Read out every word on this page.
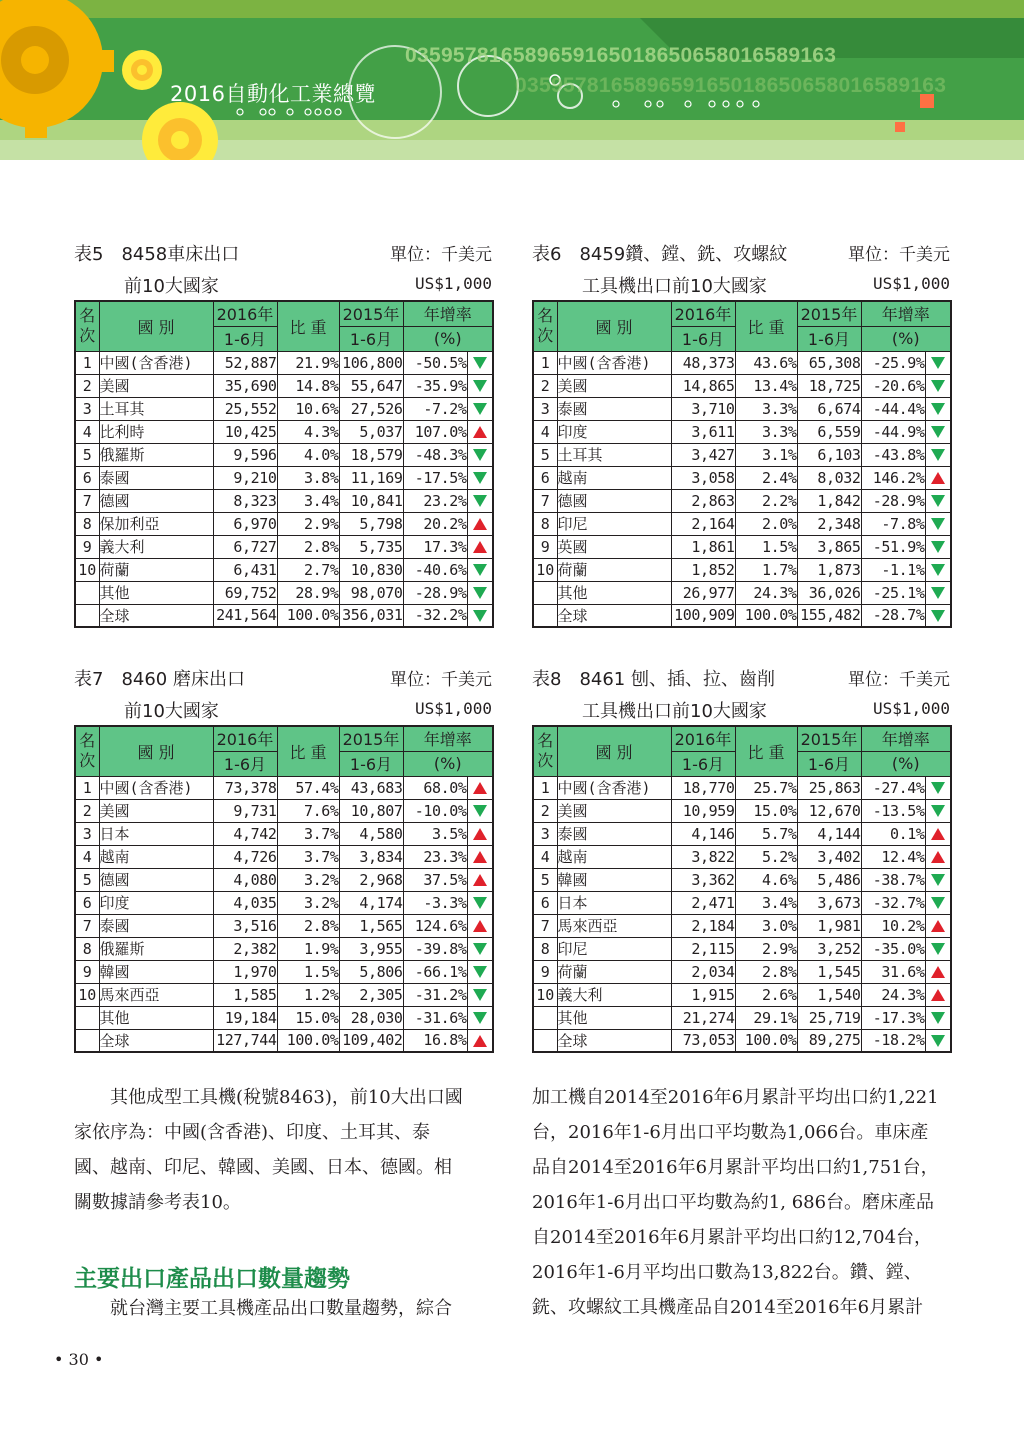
035957816589659165018650658016589163
035957816589659165018650658016589163
2016自動化工業總覽
表5　8458車床出口	單位：千美元
前10大國家	US$1,000
名次	國 別	2016年	比 重	2015年	年增率	
		1-6月		1-6月	(%)	
1	中國(含香港)	52,887	21.9%	106,800	-50.5%	
2	美國	35,690	14.8%	55,647	-35.9%	
3	土耳其	25,552	10.6%	27,526	-7.2%	
4	比利時	10,425	4.3%	5,037	107.0%	
5	俄羅斯	9,596	4.0%	18,579	-48.3%	
6	泰國	9,210	3.8%	11,169	-17.5%	
7	德國	8,323	3.4%	10,841	23.2%	
8	保加利亞	6,970	2.9%	5,798	20.2%	
9	義大利	6,727	2.8%	5,735	17.3%	
10	荷蘭	6,431	2.7%	10,830	-40.6%	
	其他	69,752	28.9%	98,070	-28.9%	
	全球	241,564	100.0%	356,031	-32.2%	
表6　8459鑽、鏜、銑、攻螺紋	單位：千美元
工具機出口前10大國家	US$1,000
名次	國 別	2016年	比 重	2015年	年增率	
		1-6月		1-6月	(%)	
1	中國(含香港)	48,373	43.6%	65,308	-25.9%	
2	美國	14,865	13.4%	18,725	-20.6%	
3	泰國	3,710	3.3%	6,674	-44.4%	
4	印度	3,611	3.3%	6,559	-44.9%	
5	土耳其	3,427	3.1%	6,103	-43.8%	
6	越南	3,058	2.4%	8,032	146.2%	
7	德國	2,863	2.2%	1,842	-28.9%	
8	印尼	2,164	2.0%	2,348	-7.8%	
9	英國	1,861	1.5%	3,865	-51.9%	
10	荷蘭	1,852	1.7%	1,873	-1.1%	
	其他	26,977	24.3%	36,026	-25.1%	
	全球	100,909	100.0%	155,482	-28.7%	
表7　8460 磨床出口	單位：千美元
前10大國家	US$1,000
名次	國 別	2016年	比 重	2015年	年增率	
		1-6月		1-6月	(%)	
1	中國(含香港)	73,378	57.4%	43,683	68.0%	
2	美國	9,731	7.6%	10,807	-10.0%	
3	日本	4,742	3.7%	4,580	3.5%	
4	越南	4,726	3.7%	3,834	23.3%	
5	德國	4,080	3.2%	2,968	37.5%	
6	印度	4,035	3.2%	4,174	-3.3%	
7	泰國	3,516	2.8%	1,565	124.6%	
8	俄羅斯	2,382	1.9%	3,955	-39.8%	
9	韓國	1,970	1.5%	5,806	-66.1%	
10	馬來西亞	1,585	1.2%	2,305	-31.2%	
	其他	19,184	15.0%	28,030	-31.6%	
	全球	127,744	100.0%	109,402	16.8%	
表8　8461 刨、插、拉、齒削	單位：千美元
工具機出口前10大國家	US$1,000
名次	國 別	2016年	比 重	2015年	年增率	
		1-6月		1-6月	(%)	
1	中國(含香港)	18,770	25.7%	25,863	-27.4%	
2	美國	10,959	15.0%	12,670	-13.5%	
3	泰國	4,146	5.7%	4,144	0.1%	
4	越南	3,822	5.2%	3,402	12.4%	
5	韓國	3,362	4.6%	5,486	-38.7%	
6	日本	2,471	3.4%	3,673	-32.7%	
7	馬來西亞	2,184	3.0%	1,981	10.2%	
8	印尼	2,115	2.9%	3,252	-35.0%	
9	荷蘭	2,034	2.8%	1,545	31.6%	
10	義大利	1,915	2.6%	1,540	24.3%	
	其他	21,274	29.1%	25,719	-17.3%	
	全球	73,053	100.0%	89,275	-18.2%	
　　其他成型工具機(稅號8463)，前10大出口國
家依序為：中國(含香港)、印度、土耳其、泰
國、越南、印尼、韓國、美國、日本、德國。相
關數據請參考表10。
主要出口產品出口數量趨勢
　　就台灣主要工具機產品出口數量趨勢，綜合
加工機自2014至2016年6月累計平均出口約1,221
台，2016年1-6月出口平均數為1,066台。車床產
品自2014至2016年6月累計平均出口約1,751台，
2016年1-6月出口平均數為約1, 686台。磨床產品
自2014至2016年6月累計平均出口約12,704台，
2016年1-6月平均出口數為13,822台。鑽、鏜、
銑、攻螺紋工具機產品自2014至2016年6月累計
• 30 •
